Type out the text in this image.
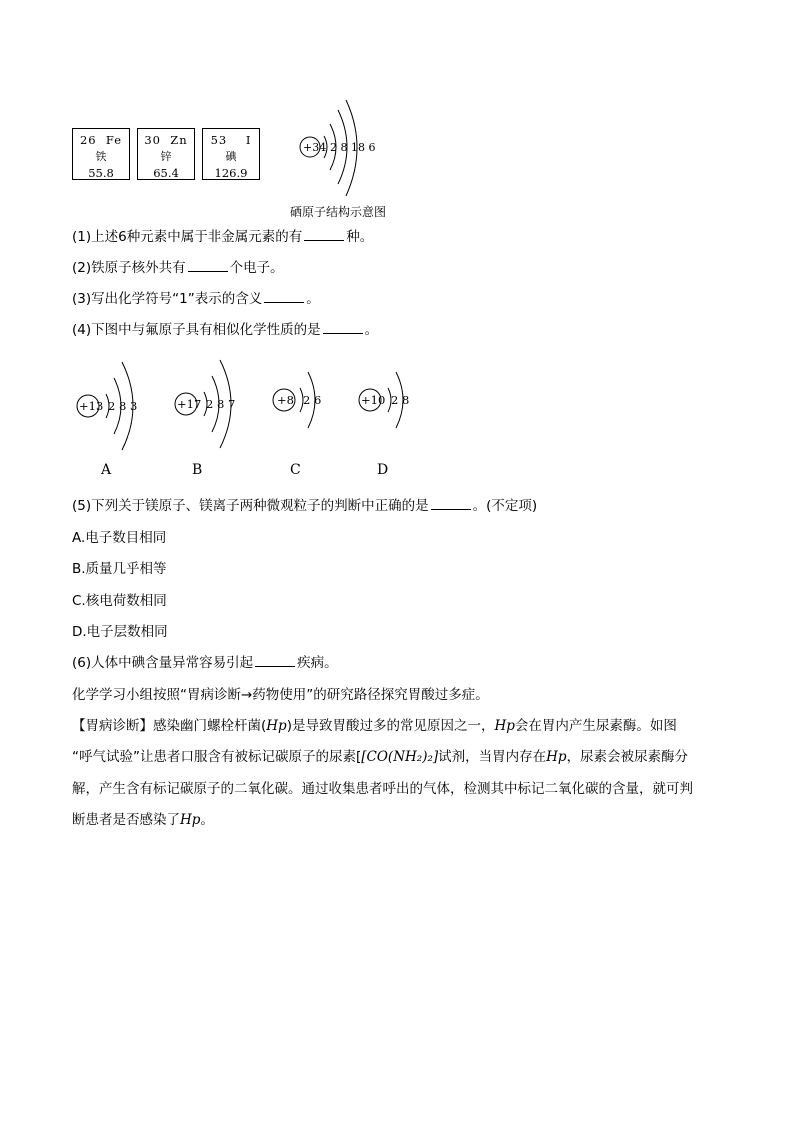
26 Fe
铁
55.8
30 Zn
锌
65.4
53 I
碘
126.9
+34 2 8 18 6
硒原子结构示意图
(1)上述6种元素中属于非金属元素的有	种。
(2)铁原子核外共有	个电子。
(3)写出化学符号“1”表示的含义	。
(4)下图中与氟原子具有相似化学性质的是	。
+13 2 8 3	+17 2 8 7	+8 2 6	+10 2 8
A	B	C	D
(5)下列关于镁原子、镁离子两种微观粒子的判断中正确的是	。(不定项)
A.电子数目相同
B.质量几乎相等
C.核电荷数相同
D.电子层数相同
(6)人体中碘含量异常容易引起	疾病。
化学学习小组按照“胃病诊断→药物使用”的研究路径探究胃酸过多症。
【胃病诊断】感染幽门螺栓杆菌(Hp)是导致胃酸过多的常见原因之一，Hp会在胃内产生尿素酶。如图
“呼气试验”让患者口服含有被标记碳原子的尿素[[CO(NH₂)₂]试剂，当胃内存在Hp，尿素会被尿素酶分
解，产生含有标记碳原子的二氧化碳。通过收集患者呼出的气体，检测其中标记二氧化碳的含量，就可判
断患者是否感染了Hp。
